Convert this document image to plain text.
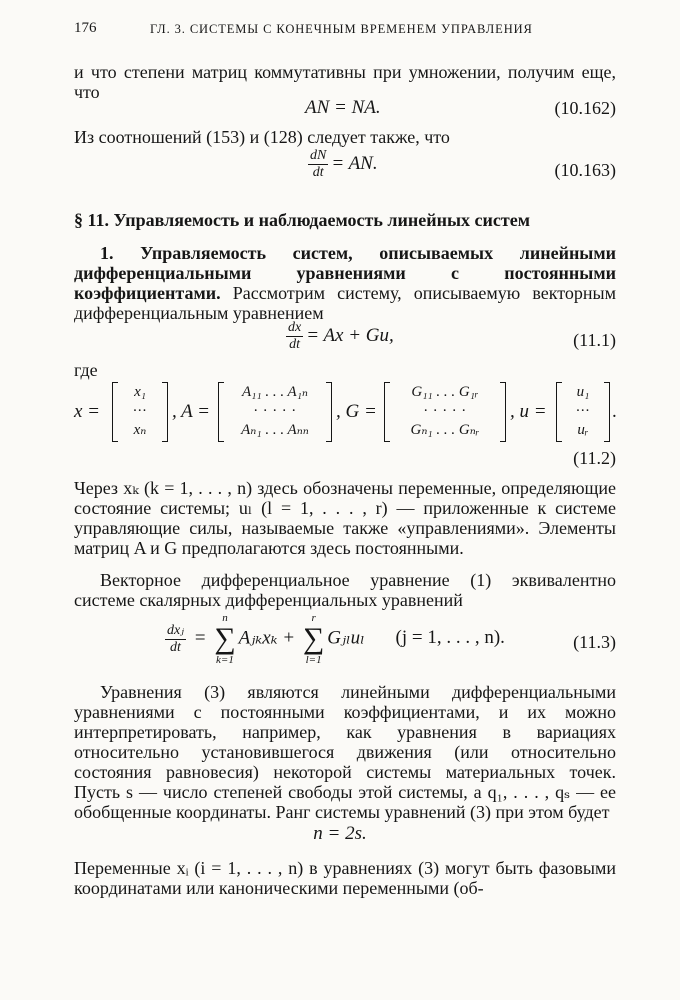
176	ГЛ. 3. СИСТЕМЫ С КОНЕЧНЫМ ВРЕМЕНЕМ УПРАВЛЕНИЯ

и что степени матриц коммутативны при умножении, получим еще, что

AN = NA.	(10.162)

Из соотношений (153) и (128) следует также, что

$\frac{dN}{dt}$ = AN.	(10.163)
§ 11. Управляемость и наблюдаемость линейных систем

1. Управляемость систем, описываемых линейными дифференциальными уравнениями с постоянными коэффициентами. Рассмотрим систему, описываемую векторным дифференциальным уравнением

$\frac{dx}{dt} = Ax + Gu$,	(11.1)

где

x =
x₁
···
xₙ
, A =
A₁₁ . . . A₁ₙ
· · · · ·
Aₙ₁ . . . Aₙₙ
, G =
G₁₁ . . . G₁ᵣ
· · · · ·
Gₙ₁ . . . Gₙᵣ
, u =
u₁
···
uᵣ
.
(11.2)

Через xₖ (k = 1, . . . , n) здесь обозначены переменные, определяющие состояние системы; uₗ (l = 1, . . . , r) — приложенные к системе управляющие силы, называемые также «управлениями». Элементы матриц A и G предполагаются здесь постоянными.

Векторное дифференциальное уравнение (1) эквивалентно системе скалярных дифференциальных уравнений

$\frac{\text{dxⱼ}}{dt}$ =
n
∑
k=1
Aⱼₖxₖ +
r
∑
l=1
Gⱼₗuₗ (j = 1, . . . , n).	(11.3)

Уравнения (3) являются линейными дифференциальными уравнениями с постоянными коэффициентами, и их можно интерпретировать, например, как уравнения в вариациях относительно установившегося движения (или относительно состояния равновесия) некоторой системы материальных точек. Пусть s — число степеней свободы этой системы, а q₁, . . . , qₛ — ее обобщенные координаты. Ранг системы уравнений (3) при этом будет

n = 2s.

Переменные xᵢ (i = 1, . . . , n) в уравнениях (3) могут быть фазовыми координатами или каноническими переменными (об-
